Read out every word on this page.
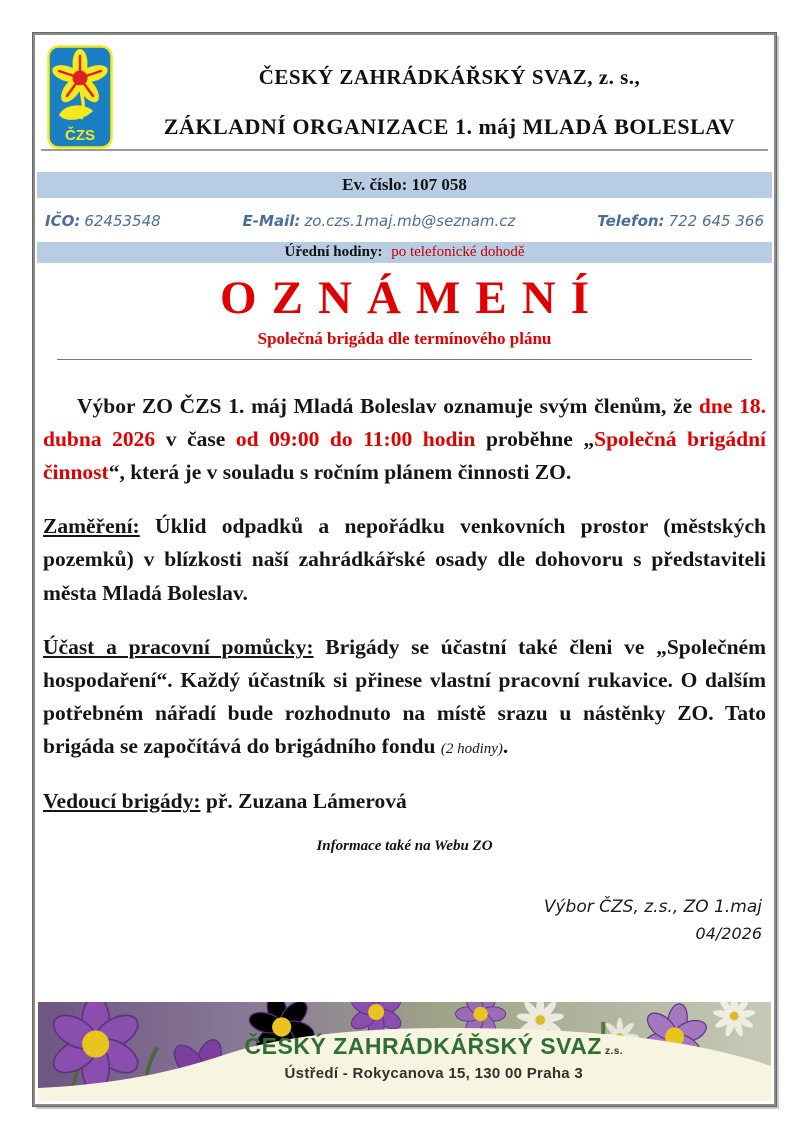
ČZS
ČESKÝ ZAHRÁDKÁŘSKÝ SVAZ, z. s.,
ZÁKLADNÍ ORGANIZACE 1. máj MLADÁ BOLESLAV
Ev. číslo: 107 058
IČO: 62453548	E-Mail: zo.czs.1maj.mb@seznam.cz	Telefon: 722 645 366
Úřední hodiny: po telefonické dohodě
OZNÁMENÍ
Společná brigáda dle termínového plánu

Výbor ZO ČZS 1. máj Mladá Boleslav oznamuje svým členům, že dne 18. dubna 2026 v čase od 09:00 do 11:00 hodin proběhne „Společná brigádní činnost“, která je v souladu s ročním plánem činnosti ZO.

Zaměření: Úklid odpadků a nepořádku venkovních prostor (městských pozemků) v blízkosti naší zahrádkářské osady dle dohovoru s představiteli města Mladá Boleslav.

Účast a pracovní pomůcky: Brigády se účastní také členi ve „Společném hospodaření“. Každý účastník si přinese vlastní pracovní rukavice. O dalším potřebném nářadí bude rozhodnuto na místě srazu u nástěnky ZO. Tato brigáda se započítává do brigádního fondu (2 hodiny).

Vedoucí brigády: př. Zuzana Lámerová

Informace také na Webu ZO
Výbor ČZS, z.s., ZO 1.maj
04/2026
ČESKÝ ZAHRÁDKÁŘSKÝ SVAZ z.s.
Ústředí - Rokycanova 15, 130 00 Praha 3
